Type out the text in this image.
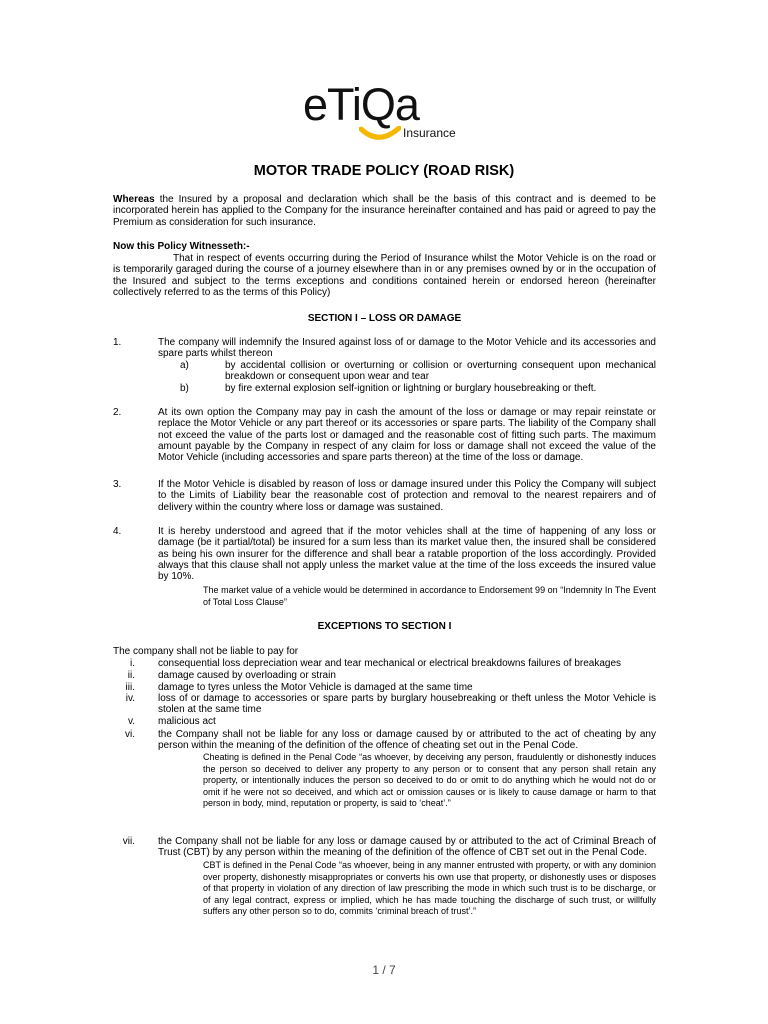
eTiQa
Insurance
MOTOR TRADE POLICY (ROAD RISK)
Whereas the Insured by a proposal and declaration which shall be the basis of this contract and is deemed to be incorporated herein has applied to the Company for the insurance hereinafter contained and has paid or agreed to pay the Premium as consideration for such insurance.
Now this Policy Witnesseth:-
That in respect of events occurring during the Period of Insurance whilst the Motor Vehicle is on the road or is temporarily garaged during the course of a journey elsewhere than in or any premises owned by or in the occupation of the Insured and subject to the terms exceptions and conditions contained herein or endorsed hereon (hereinafter collectively referred to as the terms of this Policy)
SECTION I – LOSS OR DAMAGE
1.	The company will indemnify the Insured against loss of or damage to the Motor Vehicle and its accessories and spare parts whilst thereon
a)	by accidental collision or overturning or collision or overturning consequent upon mechanical breakdown or consequent upon wear and tear
b)	by fire external explosion self-ignition or lightning or burglary housebreaking or theft.
2.	At its own option the Company may pay in cash the amount of the loss or damage or may repair reinstate or replace the Motor Vehicle or any part thereof or its accessories or spare parts. The liability of the Company shall not exceed the value of the parts lost or damaged and the reasonable cost of fitting such parts. The maximum amount payable by the Company in respect of any claim for loss or damage shall not exceed the value of the Motor Vehicle (including accessories and spare parts thereon) at the time of the loss or damage.
3.	If the Motor Vehicle is disabled by reason of loss or damage insured under this Policy the Company will subject to the Limits of Liability bear the reasonable cost of protection and removal to the nearest repairers and of delivery within the country where loss or damage was sustained.
4.	It is hereby understood and agreed that if the motor vehicles shall at the time of happening of any loss or damage (be it partial/total) be insured for a sum less than its market value then, the insured shall be considered as being his own insurer for the difference and shall bear a ratable proportion of the loss accordingly. Provided always that this clause shall not apply unless the market value at the time of the loss exceeds the insured value by 10%.
The market value of a vehicle would be determined in accordance to Endorsement 99 on “Indemnity In The Event of Total Loss Clause”
EXCEPTIONS TO SECTION I
The company shall not be liable to pay for
i. consequential loss depreciation wear and tear mechanical or electrical breakdowns failures of breakages
ii. damage caused by overloading or strain
iii. damage to tyres unless the Motor Vehicle is damaged at the same time
iv. loss of or damage to accessories or spare parts by burglary housebreaking or theft unless the Motor Vehicle is stolen at the same time
v. malicious act
vi. the Company shall not be liable for any loss or damage caused by or attributed to the act of cheating by any person within the meaning of the definition of the offence of cheating set out in the Penal Code.
Cheating is defined in the Penal Code “as whoever, by deceiving any person, fraudulently or dishonestly induces the person so deceived to deliver any property to any person or to consent that any person shall retain any property, or intentionally induces the person so deceived to do or omit to do anything which he would not do or omit if he were not so deceived, and which act or omission causes or is likely to cause damage or harm to that person in body, mind, reputation or property, is said to ‘cheat’.”
vii. the Company shall not be liable for any loss or damage caused by or attributed to the act of Criminal Breach of Trust (CBT) by any person within the meaning of the definition of the offence of CBT set out in the Penal Code.
CBT is defined in the Penal Code “as whoever, being in any manner entrusted with property, or with any dominion over property, dishonestly misappropriates or converts his own use that property, or dishonestly uses or disposes of that property in violation of any direction of law prescribing the mode in which such trust is to be discharge, or of any legal contract, express or implied, which he has made touching the discharge of such trust, or willfully suffers any other person so to do, commits ‘criminal breach of trust’.”
1 / 7
